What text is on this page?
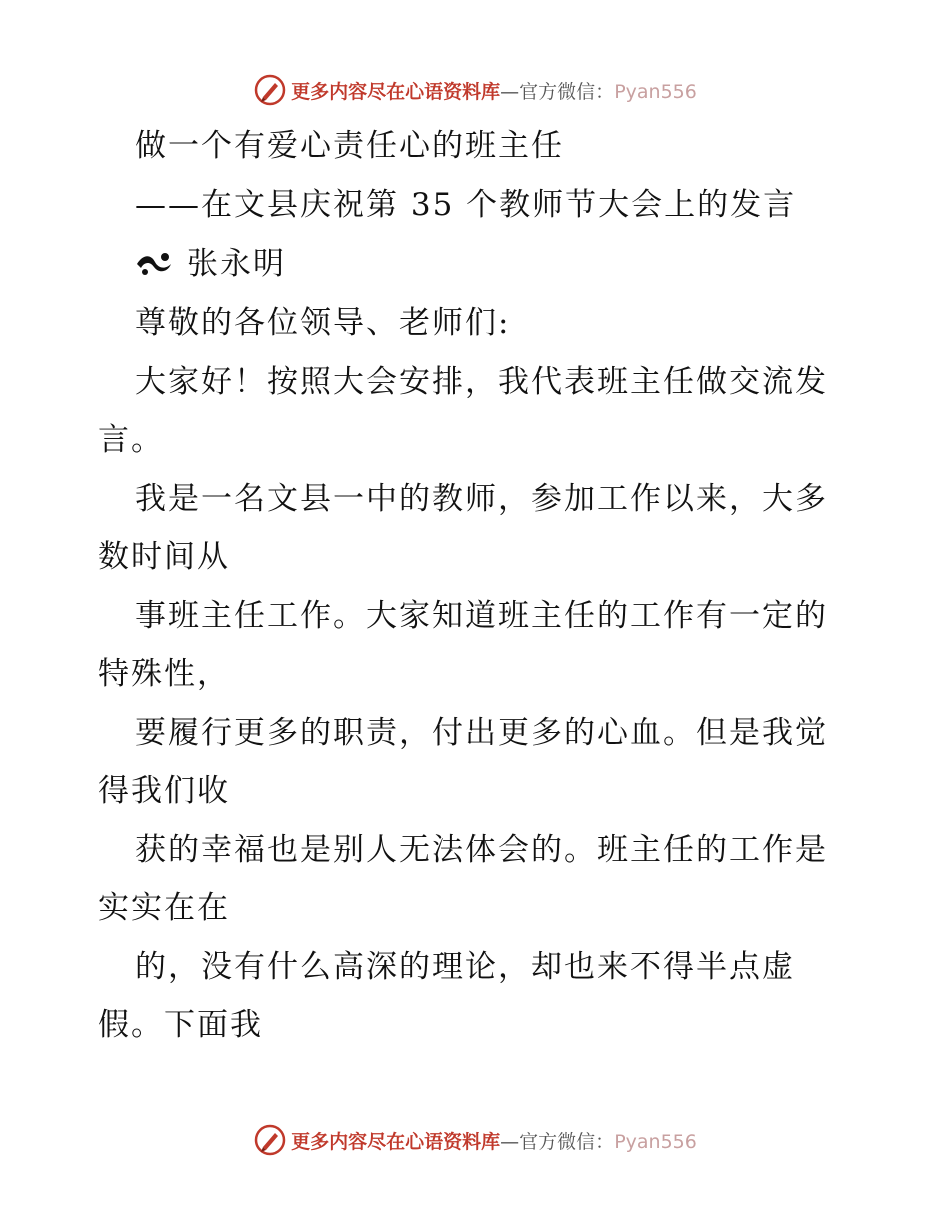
更多内容尽在心语资料库—官方微信：Pyan556
做一个有爱心责任心的班主任
——在文县庆祝第 35 个教师节大会上的发言
张永明
尊敬的各位领导、老师们:
大家好！按照大会安排，我代表班主任做交流发
言。
我是一名文县一中的教师，参加工作以来，大多
数时间从
事班主任工作。大家知道班主任的工作有一定的
特殊性，
要履行更多的职责，付出更多的心血。但是我觉
得我们收
获的幸福也是别人无法体会的。班主任的工作是
实实在在
的，没有什么高深的理论，却也来不得半点虚
假。下面我
更多内容尽在心语资料库—官方微信：Pyan556
